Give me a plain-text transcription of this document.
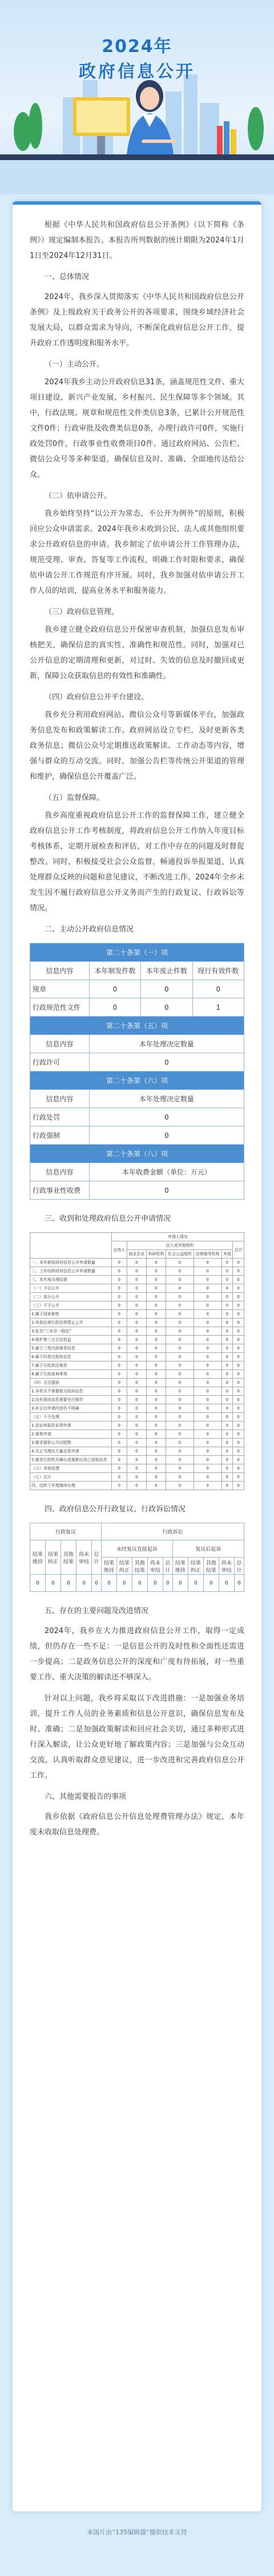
2024年
政府信息公开

根据《中华人民共和国政府信息公开条例》（以下简称《条例》）规定编制本报告。本报告所列数据的统计期限为2024年1月1日至2024年12月31日。

一、总体情况

2024年，我乡深入贯彻落实《中华人民共和国政府信息公开条例》及上级政府关于政务公开的各项要求，围绕乡域经济社会发展大局，以群众需求为导向，不断深化政府信息公开工作，提升政府工作透明度和服务水平。

（一）主动公开。

2024年我乡主动公开政府信息31条，涵盖规范性文件、重大项目建设、新兴产业发展、乡村振兴、民生保障等多个领域。其中，行政法规、规章和规范性文件类信息3条，已累计公开规范性文件0件；行政审批及收费类信息0条，办理行政许可0件，实施行政处罚0件，行政事业性收费项目0件。通过政府网站、公告栏、微信公众号等多种渠道，确保信息及时、准确、全面地传达给公众。

（二）依申请公开。

我乡始终坚持“以公开为常态，不公开为例外”的原则，积极回应公众申请需求。2024年我乡未收到公民、法人或其他组织要求公开政府信息的申请。我乡制定了依申请公开工作管理办法，规范受理、审查、答复等工作流程，明确工作时限和要求，确保依申请公开工作规范有序开展。同时，我乡加强对依申请公开工作人员的培训，提高业务水平和服务能力。

（三）政府信息管理。

我乡建立健全政府信息公开保密审查机制，加强信息发布审核把关，确保信息的真实性、准确性和规范性。同时，加强对已公开信息的定期清理和更新，对过时、失效的信息及时撤回或更新，保障公众获取信息的有效性和准确性。

（四）政府信息公开平台建设。

我乡充分利用政府网站、微信公众号等新媒体平台，加强政务信息发布和政策解读工作。政府网站设立专栏，及时更新各类政务信息；微信公众号定期推送政策解读、工作动态等内容，增强与群众的互动交流。同时，加强公告栏等传统公开渠道的管理和维护，确保信息公开覆盖广泛。

（五）监督保障。

我乡高度重视政府信息公开工作的监督保障工作，建立健全政府信息公开工作考核制度，将政府信息公开工作纳入年度目标考核体系，定期开展检查和评估，对工作中存在的问题及时督促整改。同时，积极接受社会公众监督，畅通投诉举报渠道，认真处理群众反映的问题和意见建议，不断改进工作。2024年全乡未发生因不履行政府信息公开义务而产生的行政复议、行政诉讼等情况。

二、主动公开政府信息情况

第二十条第（一）项			
信息内容	本年制发件数	本年废止件数	现行有效件数
规章	0	0	0
行政规范性文件	0	0	1
第二十条第（五）项			
信息内容	本年处理决定数量		
行政许可	0		
第二十条第（六）项			
信息内容	本年处理决定数量		
行政处罚	0		
行政强制	0		
第二十条第（八）项			
信息内容	本年收费金额（单位：万元）		
行政事业性收费	0		

三、收到和处理政府信息公开申请情况

	申请人情况						
	自然人	法人或其他组织					总计
		商业企业	科研机构	社会公益组织	法律服务机构	其他	
一、本年新收政府信息公开申请数量	0	0	0	0	0	0	0
二、上年结转政府信息公开申请数量	0	0	0	0	0	0	0
三、本年度办理结果	0	0	0	0	0	0	0
（一）予以公开	0	0	0	0	0	0	0
（二）部分公开	0	0	0	0	0	0	0
（三）不予公开	0	0	0	0	0	0	0
1.属于国家秘密	0	0	0	0	0	0	0
2.其他法律行政法规禁止公开	0	0	0	0	0	0	0
3.危及“三安全一稳定”	0	0	0	0	0	0	0
4.保护第三方合法权益	0	0	0	0	0	0	0
5.属于三类内部事务信息	0	0	0	0	0	0	0
6.属于四类过程性信息	0	0	0	0	0	0	0
7.属于行政执法案卷	0	0	0	0	0	0	0
8.属于行政查询事项	0	0	0	0	0	0	0
（四）无法提供	0	0	0	0	0	0	0
1.本机关不掌握相关政府信息	0	0	0	0	0	0	0
2.没有现成信息需要另行制作	0	0	0	0	0	0	0
3.补正后申请内容仍不明确	0	0	0	0	0	0	0
（五）不予处理	0	0	0	0	0	0	0
1.信访举报投诉类申请	0	0	0	0	0	0	0
2.重复申请	0	0	0	0	0	0	0
3.要求提供公开出版物	0	0	0	0	0	0	0
4.无正当理由大量反复申请	0	0	0	0	0	0	0
5.要求行政机关确认或重新出具已获取信息	0	0	0	0	0	0	0
（六）其他处理	0	0	0	0	0	0	0
（七）总计	0	0	0	0	0	0	0
四、结转下年度继续办理	0	0	0	0	0	0	0

四、政府信息公开行政复议、行政诉讼情况

行政复议					行政诉讼									
结果维持	结果纠正	其他结果	尚未审结	总计	未经复议直接起诉					复议后起诉				
					结果维持	结果纠正	其他结果	尚未审结	总计	结果维持	结果纠正	其他结果	尚未审结	总计
0	0	0	0	0	0	0	0	0	0	0	0	0	0	0

五、存在的主要问题及改进情况

2024年，我乡在大力推进政府信息公开工作，取得一定成绩，但仍存在一些不足：一是信息公开的及时性和全面性还需进一步提高；二是政务信息公开的深度和广度有待拓展，对一些重要工作、重大决策的解读还不够深入。

针对以上问题，我乡将采取以下改进措施：一是加强业务培训，提升工作人员的业务素质和信息公开意识，确保信息发布及时、准确；二是加强政策解读和回应社会关切，通过多种形式进行深入解读，让公众更好地了解政策内容；三是加强与公众互动交流，认真听取群众意见建议，进一步改进和完善政府信息公开工作。

六、其他需要报告的事项

我乡依据《政府信息公开信息处理费管理办法》规定，本年度未收取信息处理费。

本図片由“135编辑器”提供技术支持
